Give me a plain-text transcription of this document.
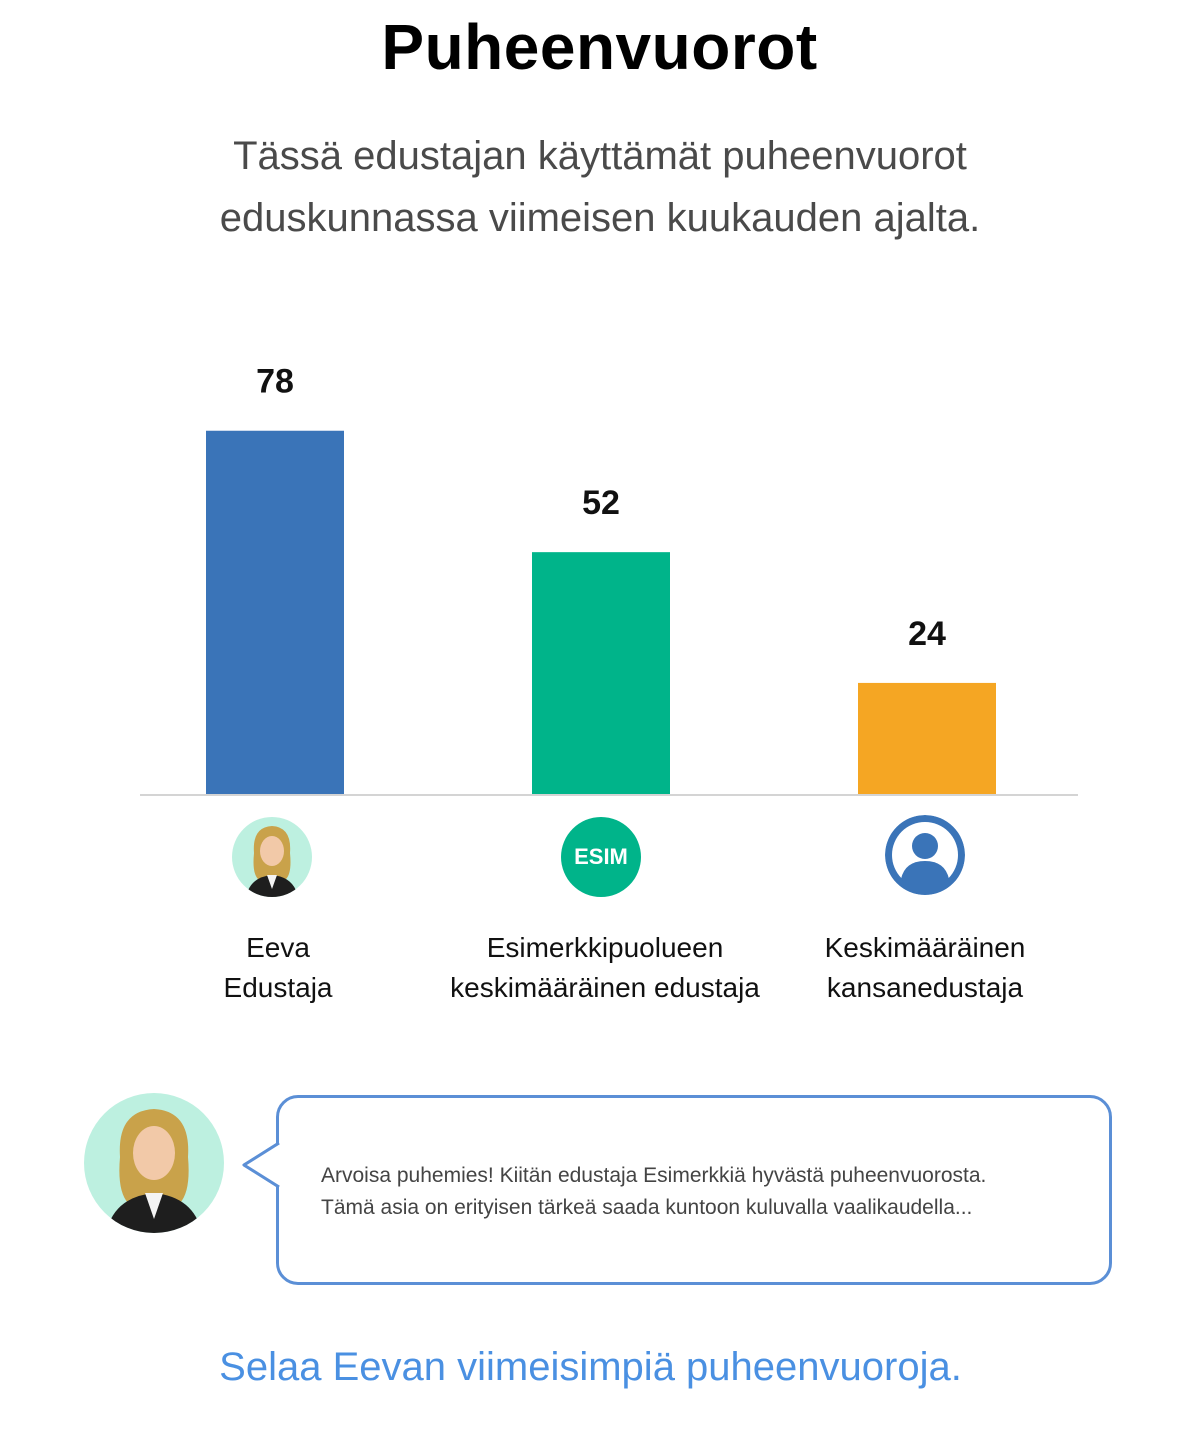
Puheenvuorot
Tässä edustajan käyttämät puheenvuorot eduskunnassa viimeisen kuukauden ajalta.
78
52
24
ESIM
Eeva
Edustaja
Esimerkkipuolueen
keskimääräinen edustaja
Keskimääräinen
kansanedustaja
Arvoisa puhemies! Kiitän edustaja Esimerkkiä hyvästä puheenvuorosta.
Tämä asia on erityisen tärkeä saada kuntoon kuluvalla vaalikaudella...
Selaa Eevan viimeisimpiä puheenvuoroja.
